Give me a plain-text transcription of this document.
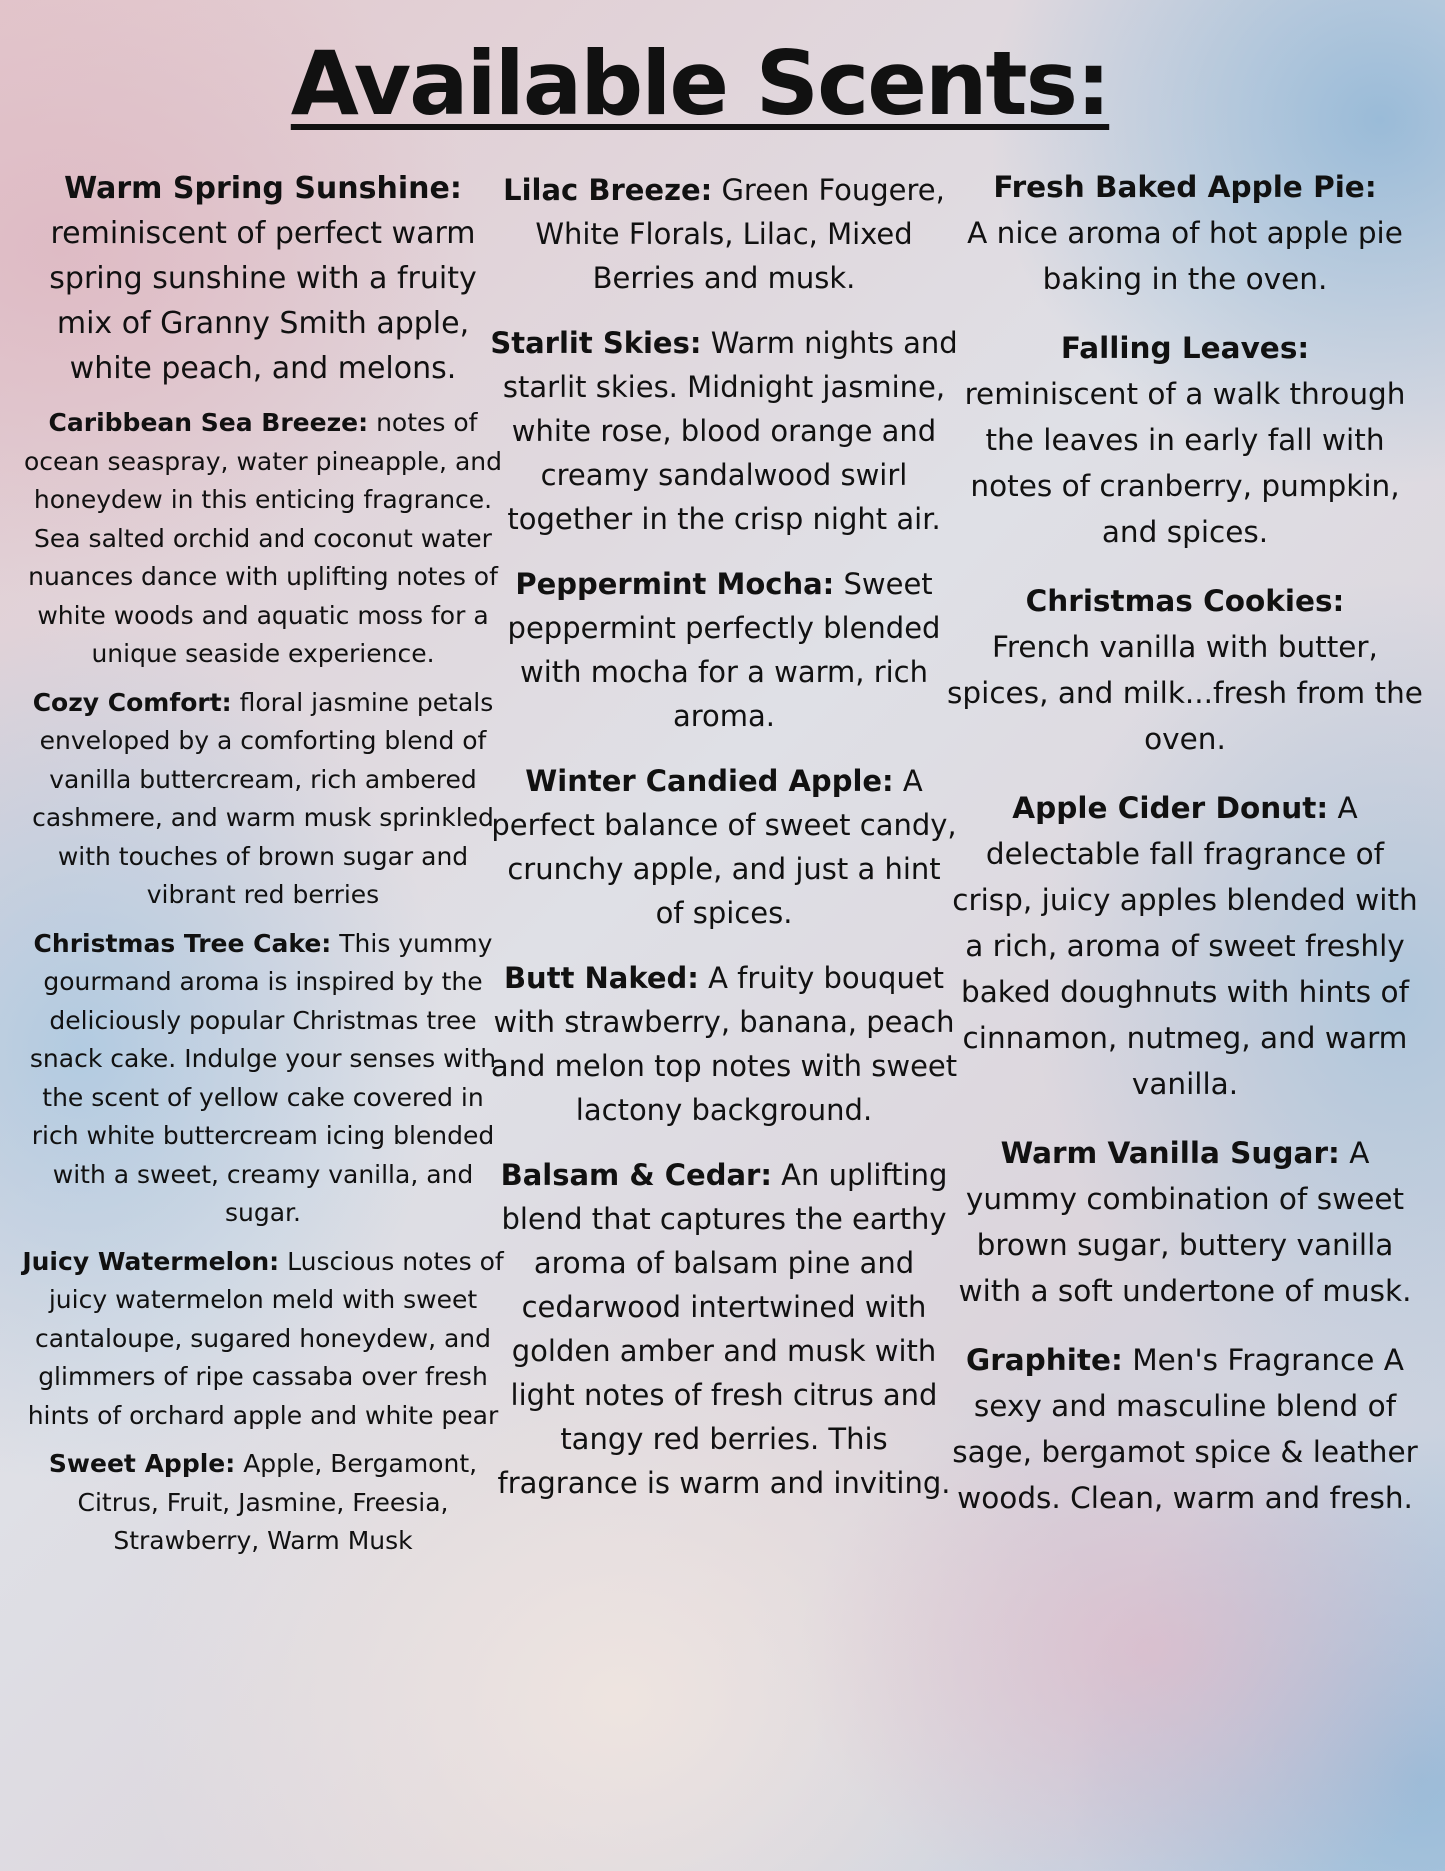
Available Scents:

Warm Spring Sunshine:
reminiscent of perfect warm spring sunshine with a fruity mix of Granny Smith apple, white peach, and melons.

Caribbean Sea Breeze: notes of ocean seaspray, water pineapple, and honeydew in this enticing fragrance. Sea salted orchid and coconut water nuances dance with uplifting notes of white woods and aquatic moss for a unique seaside experience.

Cozy Comfort: floral jasmine petals enveloped by a comforting blend of vanilla buttercream, rich ambered cashmere, and warm musk sprinkled with touches of brown sugar and vibrant red berries

Christmas Tree Cake: This yummy gourmand aroma is inspired by the deliciously popular Christmas tree snack cake. Indulge your senses with the scent of yellow cake covered in rich white buttercream icing blended with a sweet, creamy vanilla, and sugar.

Juicy Watermelon: Luscious notes of juicy watermelon meld with sweet cantaloupe, sugared honeydew, and glimmers of ripe cassaba over fresh hints of orchard apple and white pear

Sweet Apple: Apple, Bergamont, Citrus, Fruit, Jasmine, Freesia, Strawberry, Warm Musk

Lilac Breeze: Green Fougere, White Florals, Lilac, Mixed Berries and musk.

Starlit Skies: Warm nights and starlit skies. Midnight jasmine, white rose, blood orange and creamy sandalwood swirl together in the crisp night air.

Peppermint Mocha: Sweet peppermint perfectly blended with mocha for a warm, rich aroma.

Winter Candied Apple: A perfect balance of sweet candy, crunchy apple, and just a hint of spices.

Butt Naked: A fruity bouquet with strawberry, banana, peach and melon top notes with sweet lactony background.

Balsam & Cedar: An uplifting blend that captures the earthy aroma of balsam pine and cedarwood intertwined with golden amber and musk with light notes of fresh citrus and tangy red berries. This fragrance is warm and inviting.

Fresh Baked Apple Pie:
A nice aroma of hot apple pie baking in the oven.

Falling Leaves:
reminiscent of a walk through the leaves in early fall with notes of cranberry, pumpkin, and spices.

Christmas Cookies:
French vanilla with butter, spices, and milk...fresh from the oven.

Apple Cider Donut: A delectable fall fragrance of crisp, juicy apples blended with a rich, aroma of sweet freshly baked doughnuts with hints of cinnamon, nutmeg, and warm vanilla.

Warm Vanilla Sugar: A yummy combination of sweet brown sugar, buttery vanilla with a soft undertone of musk.

Graphite: Men's Fragrance A sexy and masculine blend of sage, bergamot spice & leather woods. Clean, warm and fresh.
